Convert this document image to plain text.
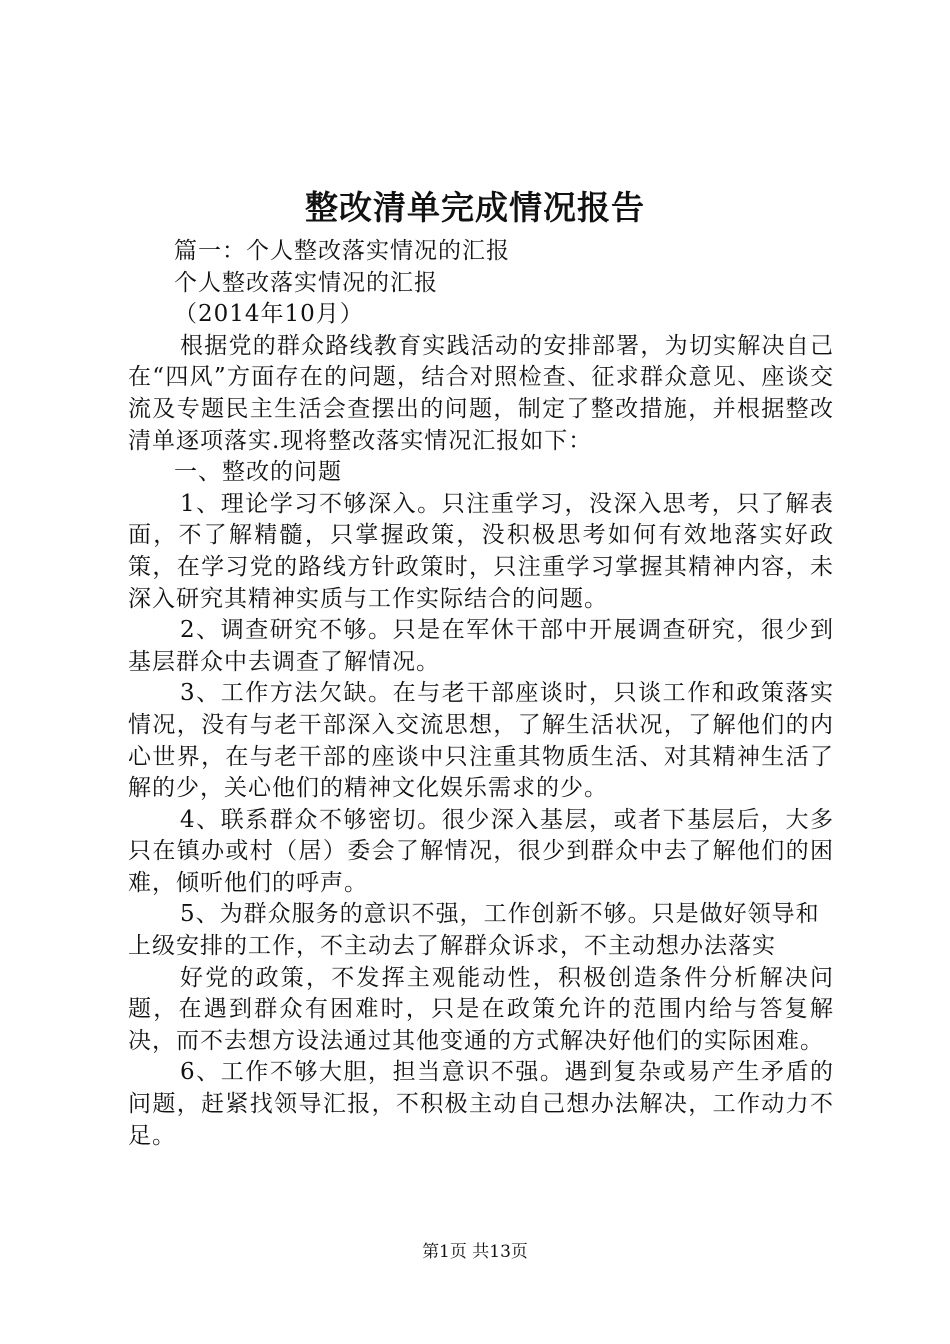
整改清单完成情况报告

篇一：个人整改落实情况的汇报

个人整改落实情况的汇报

（2014年10月）

根据党的群众路线教育实践活动的安排部署，为切实解决自己在“四风”方面存在的问题，结合对照检查、征求群众意见、座谈交流及专题民主生活会查摆出的问题，制定了整改措施，并根据整改清单逐项落实.现将整改落实情况汇报如下：

一、整改的问题

1、理论学习不够深入。只注重学习，没深入思考，只了解表面，不了解精髓，只掌握政策，没积极思考如何有效地落实好政策，在学习党的路线方针政策时，只注重学习掌握其精神内容，未深入研究其精神实质与工作实际结合的问题。

2、调查研究不够。只是在军休干部中开展调查研究，很少到基层群众中去调查了解情况。

3、工作方法欠缺。在与老干部座谈时，只谈工作和政策落实情况，没有与老干部深入交流思想，了解生活状况，了解他们的内心世界，在与老干部的座谈中只注重其物质生活、对其精神生活了解的少，关心他们的精神文化娱乐需求的少。

4、联系群众不够密切。很少深入基层，或者下基层后，大多只在镇办或村（居）委会了解情况，很少到群众中去了解他们的困难，倾听他们的呼声。

5、为群众服务的意识不强，工作创新不够。只是做好领导和上级安排的工作，不主动去了解群众诉求，不主动想办法落实

好党的政策，不发挥主观能动性，积极创造条件分析解决问题，在遇到群众有困难时，只是在政策允许的范围内给与答复解决，而不去想方设法通过其他变通的方式解决好他们的实际困难。

6、工作不够大胆，担当意识不强。遇到复杂或易产生矛盾的问题，赶紧找领导汇报，不积极主动自己想办法解决，工作动力不足。

第1页 共13页
